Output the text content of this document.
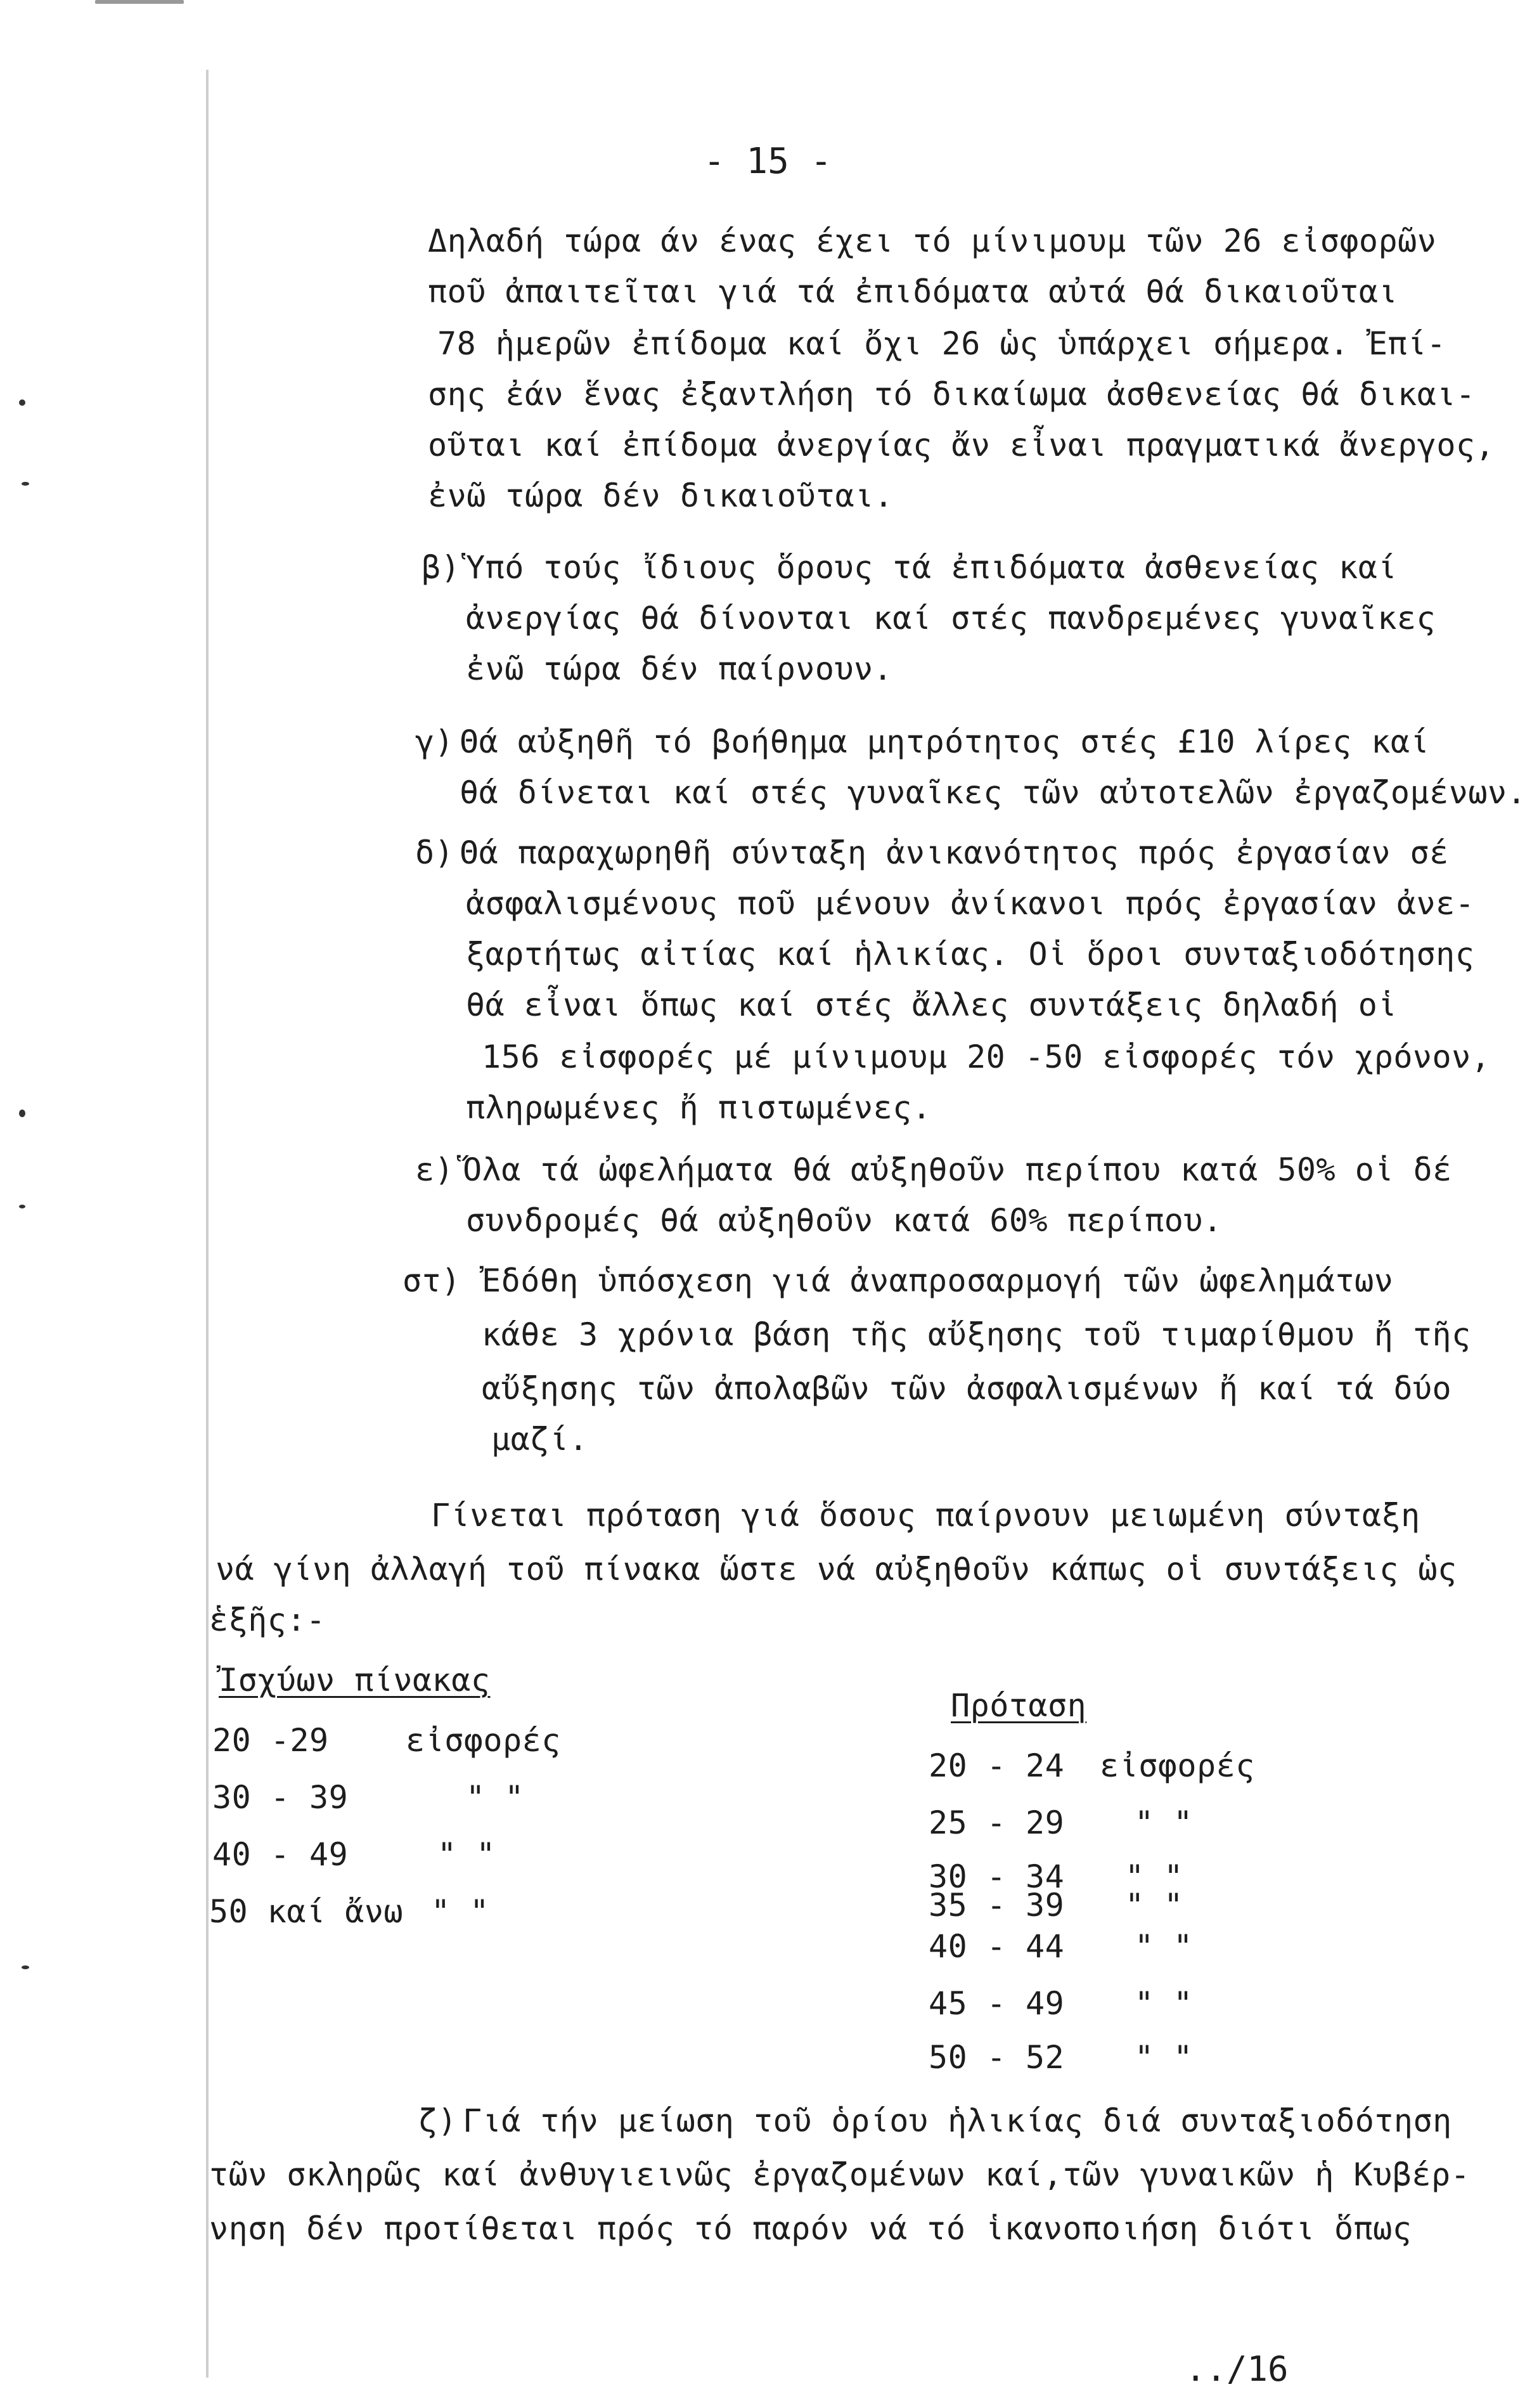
- 15 -
Δηλαδή τώρα άν ένας έχει τό μίνιμουμ τῶν 26 εἰσφορῶν
ποῦ ἀπαιτεῖται γιά τά ἐπιδόματα αὐτά θά δικαιοῦται
78 ἡμερῶν ἐπίδομα καί ὄχι 26 ὡς ὑπάρχει σήμερα. Ἐπί-
σης ἐάν ἕνας ἐξαντλήση τό δικαίωμα ἀσθενείας θά δικαι-
οῦται καί ἐπίδομα ἀνεργίας ἄν εἶναι πραγματικά ἄνεργος,
ἐνῶ τώρα δέν δικαιοῦται.
β) Ὑπό τούς ἴδιους ὅρους τά ἐπιδόματα ἀσθενείας καί
ἀνεργίας θά δίνονται καί στές πανδρεμένες γυναῖκες
ἐνῶ τώρα δέν παίρνουν.
γ) Θά αὐξηθῆ τό βοήθημα μητρότητος στές £10 λίρες καί
θά δίνεται καί στές γυναῖκες τῶν αὐτοτελῶν ἐργαζομένων.
δ) Θά παραχωρηθῆ σύνταξη ἀνικανότητος πρός ἐργασίαν σέ
ἀσφαλισμένους ποῦ μένουν ἀνίκανοι πρός ἐργασίαν ἀνε-
ξαρτήτως αἰτίας καί ἡλικίας. Οἱ ὅροι συνταξιοδότησης
θά εἶναι ὅπως καί στές ἄλλες συντάξεις δηλαδή οἱ
156 εἰσφορές μέ μίνιμουμ 20 -50 εἰσφορές τόν χρόνον,
πληρωμένες ἤ πιστωμένες.
ε) Ὅλα τά ὠφελήματα θά αὐξηθοῦν περίπου κατά 50% οἱ δέ
συνδρομές θά αὐξηθοῦν κατά 60% περίπου.
στ) Ἐδόθη ὑπόσχεση γιά ἀναπροσαρμογή τῶν ὠφελημάτων
κάθε 3 χρόνια βάση τῆς αὔξησης τοῦ τιμαρίθμου ἤ τῆς
αὔξησης τῶν ἀπολαβῶν τῶν ἀσφαλισμένων ἤ καί τά δύο
μαζί.
Γίνεται πρόταση γιά ὅσους παίρνουν μειωμένη σύνταξη
νά γίνη ἀλλαγή τοῦ πίνακα ὥστε νά αὐξηθοῦν κάπως οἱ συντάξεις ὡς
ἑξῆς:-
Ἰσχύων πίνακας
20 -29 εἰσφορές
30 - 39	" "
40 - 49	" "
50 καί ἄνω " "
Πρόταση
20 - 24 εἰσφορές
25 - 29 " "
30 - 34 " "
35 - 39 " "
40 - 44 " "
45 - 49 " "
50 - 52 " "
ζ) Γιά τήν μείωση τοῦ ὁρίου ἡλικίας διά συνταξιοδότηση
τῶν σκληρῶς καί ἀνθυγιεινῶς ἐργαζομένων καί,τῶν γυναικῶν ἡ Κυβέρ-
νηση δέν προτίθεται πρός τό παρόν νά τό ἱκανοποιήση διότι ὅπως
../16
